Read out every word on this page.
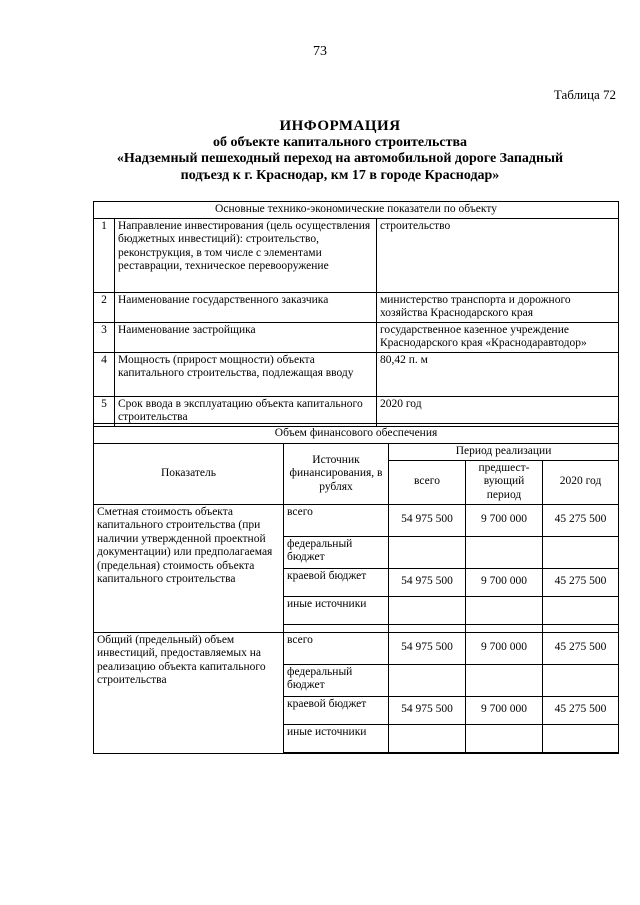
73
Таблица 72
ИНФОРМАЦИЯ
об объекте капитального строительства
«Надземный пешеходный переход на автомобильной дороге Западный
подъезд к г. Краснодар, км 17 в городе Краснодар»
Основные технико-экономические показатели по объекту		
1	Направление инвестирования (цель осуществления бюджетных инвестиций): строительство, реконструкция, в том числе с элементами реставрации, техническое перевооружение	строительство
2	Наименование государственного заказчика	министерство транспорта и дорожного хозяйства Краснодарского края
3	Наименование застройщика	государственное казенное учреждение Краснодарского края «Краснодаравтодор»
4	Мощность (прирост мощности) объекта капитального строительства, подлежащая вводу	80,42 п. м
5	Срок ввода в эксплуатацию объекта капитального строительства	2020 год
Объем финансового обеспечения				
Показатель	Источник финансирования, в рублях	Период реализации		
		всего	предшест-вующий период	2020 год
Сметная стоимость объекта капитального строительства (при наличии утвержденной проектной документации) или предполагаемая (предельная) стоимость объекта капитального строительства	всего	54 975 500	9 700 000	45 275 500
	федеральный бюджет			
	краевой бюджет	54 975 500	9 700 000	45 275 500
	иные источники			

Общий (предельный) объем инвестиций, предоставляемых на реализацию объекта капитального строительства	всего	54 975 500	9 700 000	45 275 500
	федеральный бюджет			
	краевой бюджет	54 975 500	9 700 000	45 275 500
	иные источники			
